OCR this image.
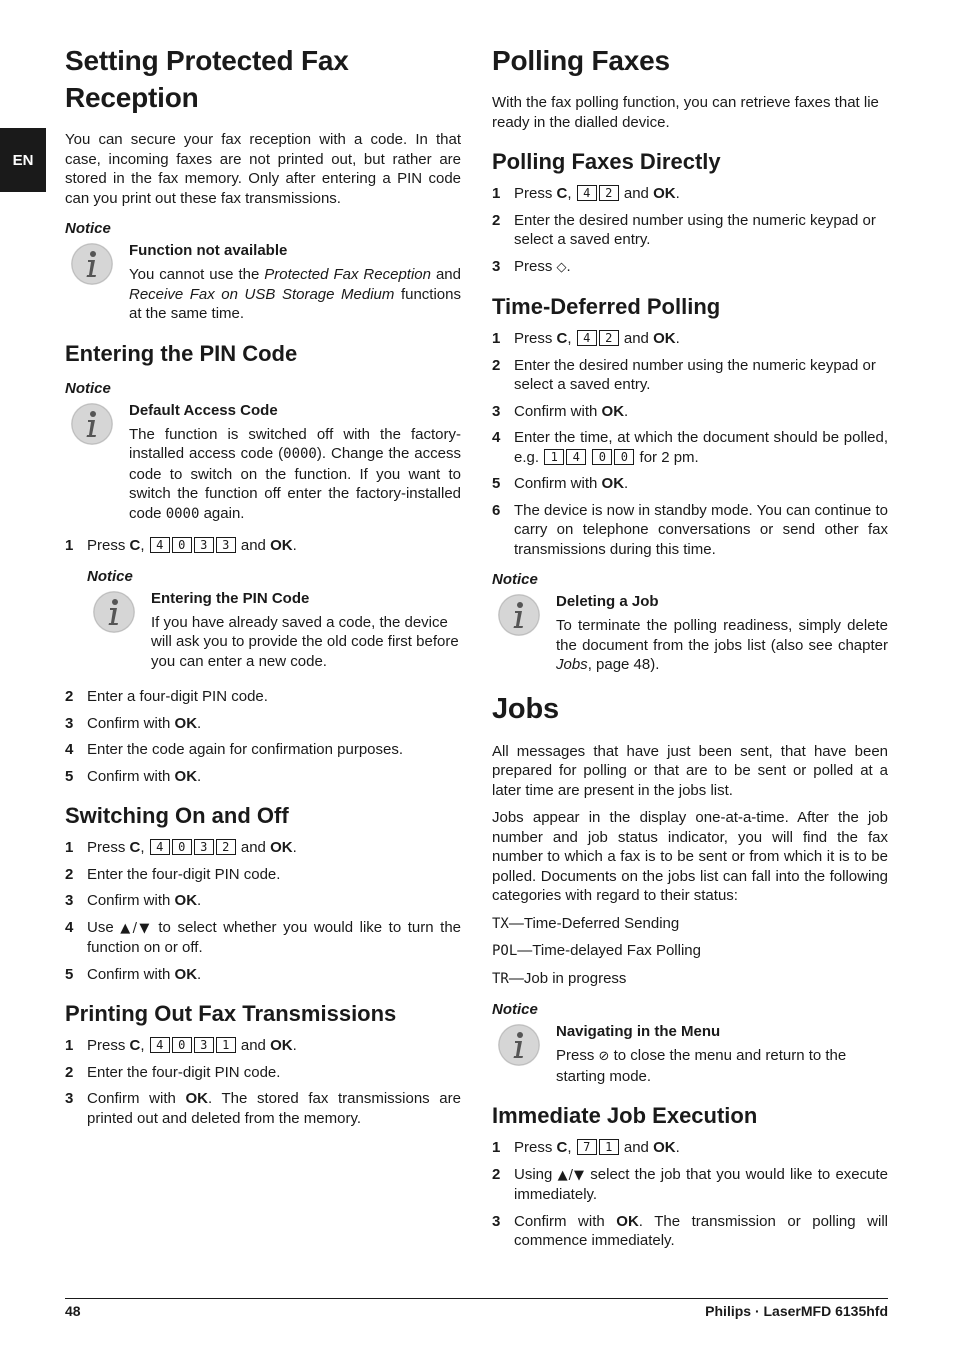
EN
Setting Protected Fax Reception

You can secure your fax reception with a code. In that case, incoming faxes are not printed out, but rather are stored in the fax memory. Only after entering a PIN code can you print out these fax transmissions.

Notice
Function not available

You cannot use the Protected Fax Reception and Receive Fax on USB Storage Medium functions at the same time.

Entering the PIN Code
Notice
Default Access Code

The function is switched off with the factory-installed access code (0000). Change the access code to switch on the function. If you want to switch the function off enter the factory-installed code 0000 again.

1 Press C, 4 0 3 3 and OK.
Notice
Entering the PIN Code

If you have already saved a code, the device will ask you to provide the old code first before you can enter a new code.

2 Enter a four-digit PIN code.
3 Confirm with OK.
4 Enter the code again for confirmation purposes.
5 Confirm with OK.
Switching On and Off
1 Press C, 4 0 3 2 and OK.
2 Enter the four-digit PIN code.
3 Confirm with OK.
4 Use ▲/▼ to select whether you would like to turn the function on or off.
5 Confirm with OK.
Printing Out Fax Transmissions
1 Press C, 4 0 3 1 and OK.
2 Enter the four-digit PIN code.
3 Confirm with OK. The stored fax transmissions are printed out and deleted from the memory.
Polling Faxes

With the fax polling function, you can retrieve faxes that lie ready in the dialled device.

Polling Faxes Directly
1 Press C, 4 2 and OK.
2 Enter the desired number using the numeric keypad or select a saved entry.
3 Press ◇.
Time-Deferred Polling
1 Press C, 4 2 and OK.
2 Enter the desired number using the numeric keypad or select a saved entry.
3 Confirm with OK.
4 Enter the time, at which the document should be polled, e.g. 1 4 0 0 for 2 pm.
5 Confirm with OK.
6 The device is now in standby mode. You can continue to carry on telephone conversations or send other fax transmissions during this time.
Notice
Deleting a Job

To terminate the polling readiness, simply delete the document from the jobs list (also see chapter Jobs, page 48).

Jobs

All messages that have just been sent, that have been prepared for polling or that are to be sent or polled at a later time are present in the jobs list.

Jobs appear in the display one-at-a-time. After the job number and job status indicator, you will find the fax number to which a fax is to be sent or from which it is to be polled. Documents on the jobs list can fall into the following categories with regard to their status:

TX—Time-Deferred Sending
POL—Time-delayed Fax Polling
TR—Job in progress
Notice
Navigating in the Menu

Press ⊘ to close the menu and return to the starting mode.

Immediate Job Execution
1 Press C, 7 1 and OK.
2 Using ▲/▼ select the job that you would like to execute immediately.
3 Confirm with OK. The transmission or polling will commence immediately.
48	Philips · LaserMFD 6135hfd
